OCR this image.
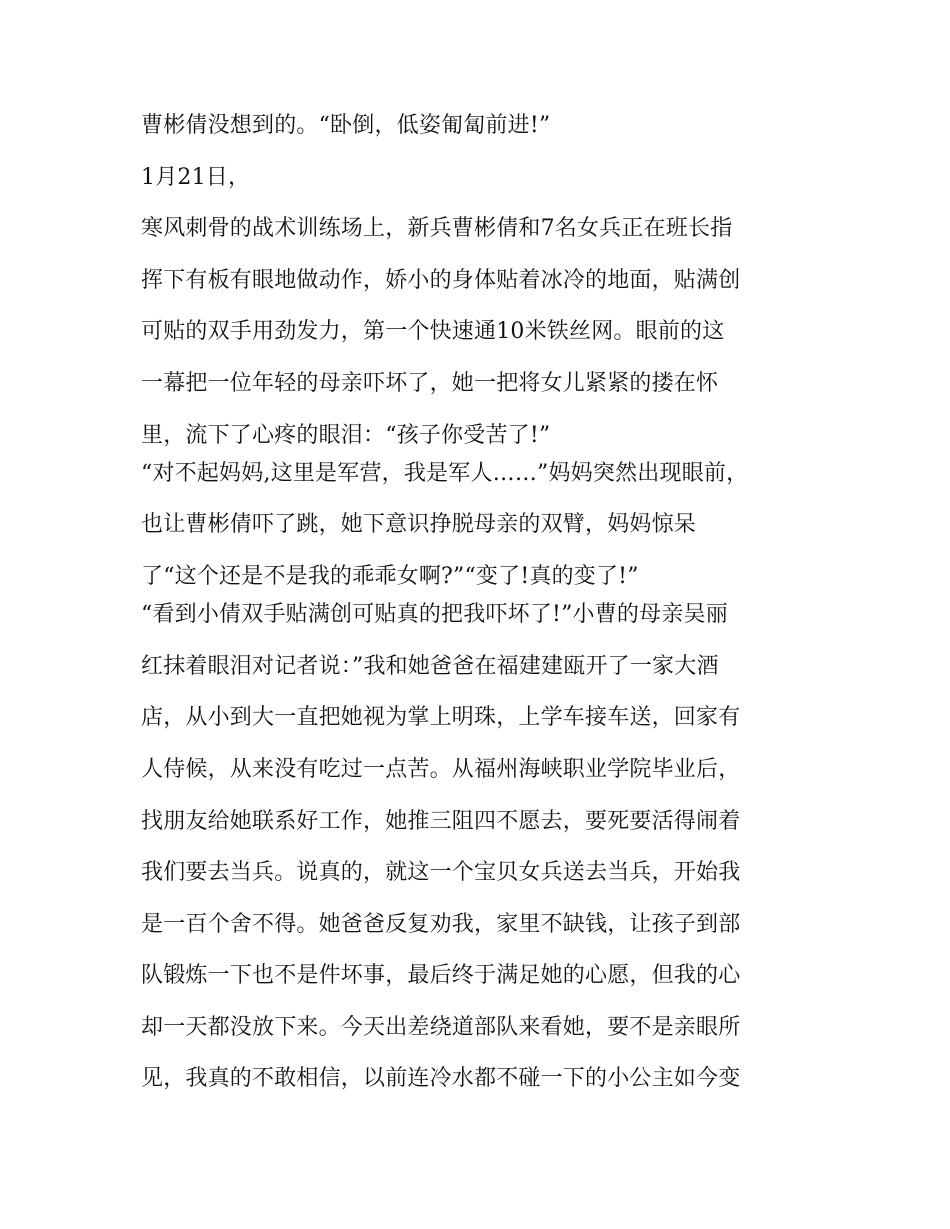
曹彬倩没想到的。“卧倒，低姿匍匐前进!”
1月21日，
寒风刺骨的战术训练场上，新兵曹彬倩和7名女兵正在班长指
挥下有板有眼地做动作，娇小的身体贴着冰冷的地面，贴满创
可贴的双手用劲发力，第一个快速通10米铁丝网。眼前的这
一幕把一位年轻的母亲吓坏了，她一把将女儿紧紧的搂在怀
里，流下了心疼的眼泪：“孩子你受苦了!”
“对不起妈妈,这里是军营，我是军人……”妈妈突然出现眼前，
也让曹彬倩吓了跳，她下意识挣脱母亲的双臂，妈妈惊呆
了“这个还是不是我的乖乖女啊?”“变了!真的变了!”
“看到小倩双手贴满创可贴真的把我吓坏了!”小曹的母亲吴丽
红抹着眼泪对记者说：”我和她爸爸在福建建瓯开了一家大酒
店，从小到大一直把她视为掌上明珠，上学车接车送，回家有
人侍候，从来没有吃过一点苦。从福州海峡职业学院毕业后，
找朋友给她联系好工作，她推三阻四不愿去，要死要活得闹着
我们要去当兵。说真的，就这一个宝贝女兵送去当兵，开始我
是一百个舍不得。她爸爸反复劝我，家里不缺钱，让孩子到部
队锻炼一下也不是件坏事，最后终于满足她的心愿，但我的心
却一天都没放下来。今天出差绕道部队来看她，要不是亲眼所
见，我真的不敢相信，以前连冷水都不碰一下的小公主如今变
